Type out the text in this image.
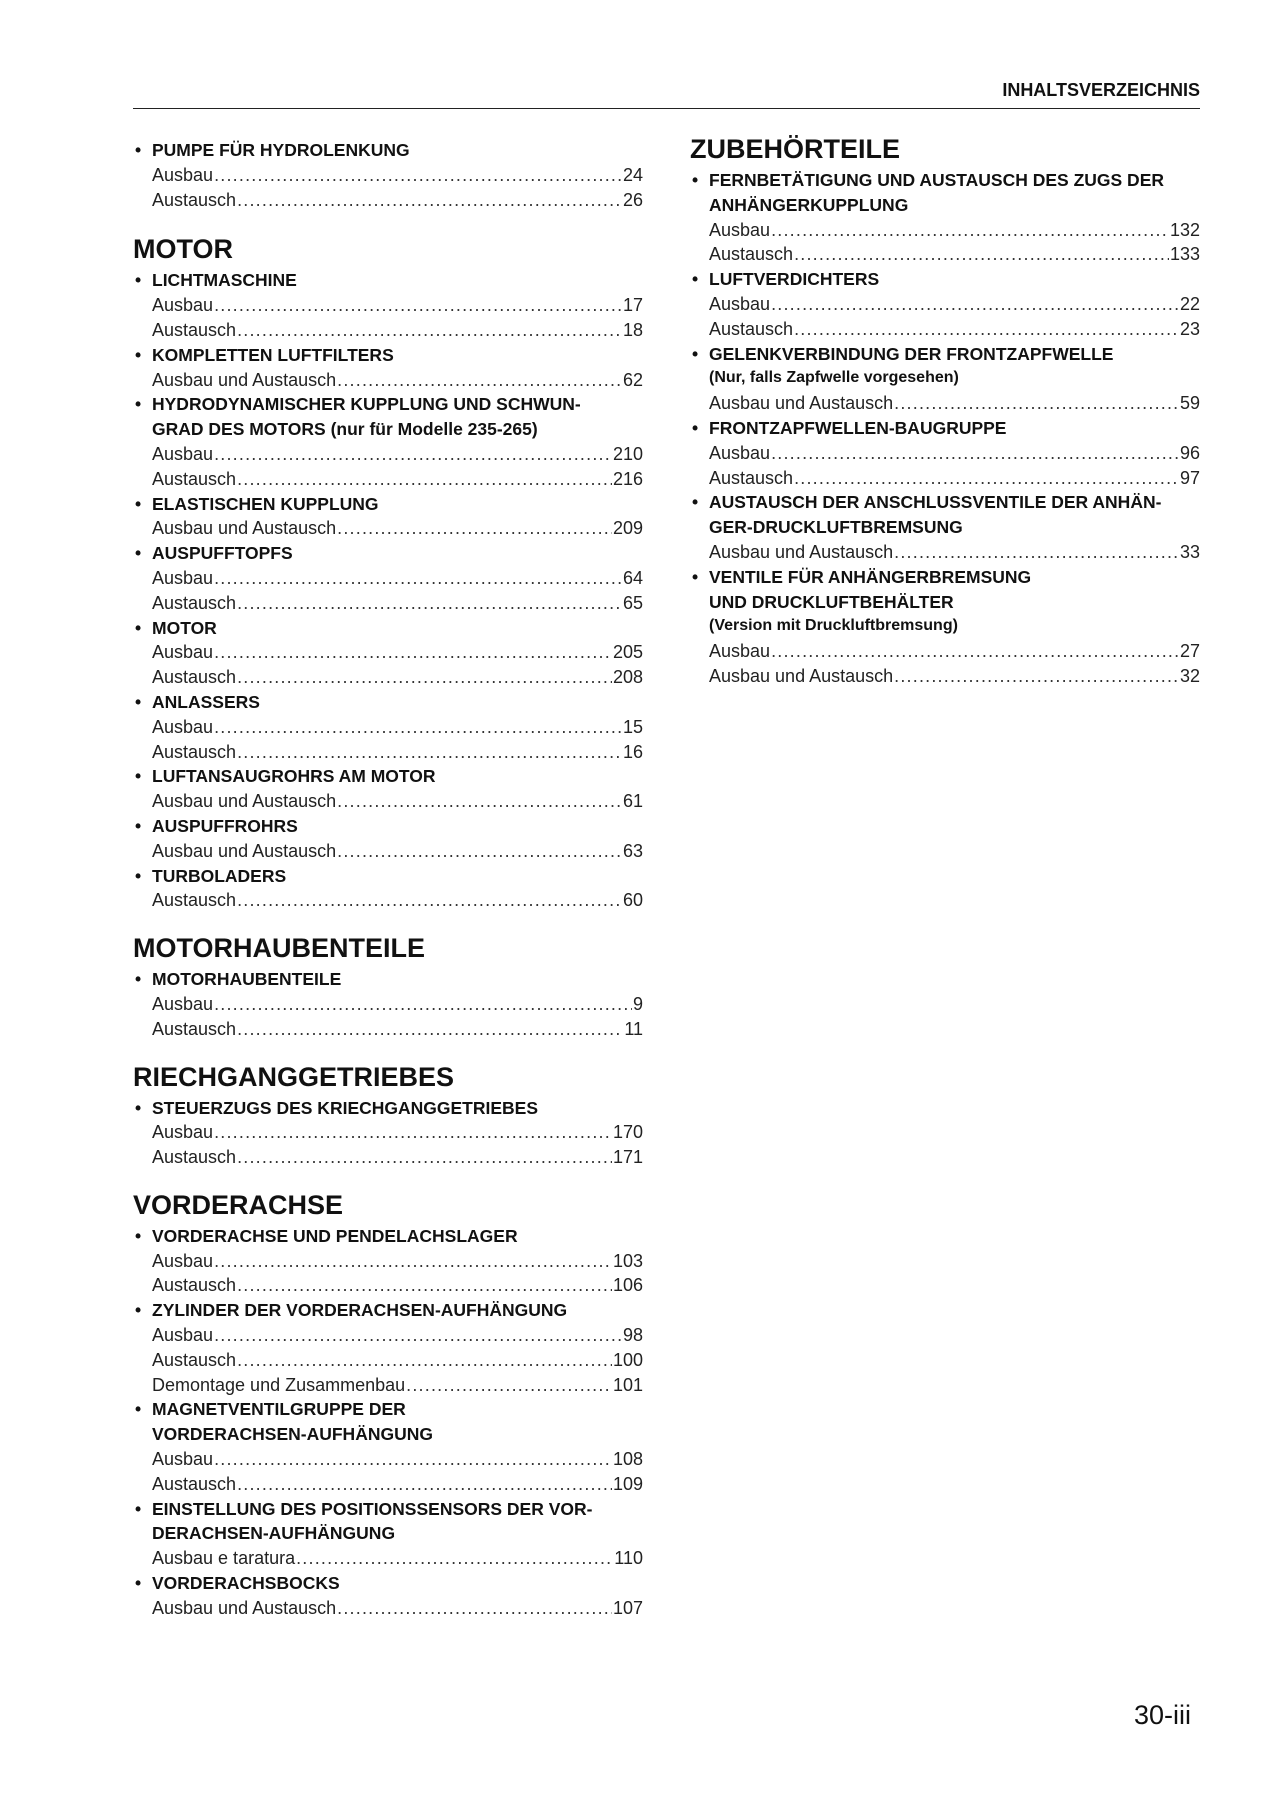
INHALTSVERZEICHNIS
• PUMPE FÜR HYDROLENKUNG
Ausbau .....	24
Austausch .....	26
MOTOR
• LICHTMASCHINE
Ausbau .....	17
Austausch .....	18
• KOMPLETTEN LUFTFILTERS
Ausbau und Austausch .....	62
• HYDRODYNAMISCHER KUPPLUNG UND SCHWUN-
GRAD DES MOTORS (nur für Modelle 235-265)
Ausbau .....	210
Austausch .....	216
• ELASTISCHEN KUPPLUNG
Ausbau und Austausch .....	209
• AUSPUFFTOPFS
Ausbau .....	64
Austausch .....	65
• MOTOR
Ausbau .....	205
Austausch .....	208
• ANLASSERS
Ausbau .....	15
Austausch .....	16
• LUFTANSAUGROHRS AM MOTOR
Ausbau und Austausch .....	61
• AUSPUFFROHRS
Ausbau und Austausch .....	63
• TURBOLADERS
Austausch .....	60
MOTORHAUBENTEILE
• MOTORHAUBENTEILE
Ausbau .....	9
Austausch .....	11
RIECHGANGGETRIEBES
• STEUERZUGS DES KRIECHGANGGETRIEBES
Ausbau .....	170
Austausch .....	171
VORDERACHSE
• VORDERACHSE UND PENDELACHSLAGER
Ausbau .....	103
Austausch .....	106
• ZYLINDER DER VORDERACHSEN-AUFHÄNGUNG
Ausbau .....	98
Austausch .....	100
Demontage und Zusammenbau .....	101
• MAGNETVENTILGRUPPE DER
VORDERACHSEN-AUFHÄNGUNG
Ausbau .....	108
Austausch .....	109
• EINSTELLUNG DES POSITIONSSENSORS DER VOR-
DERACHSEN-AUFHÄNGUNG
Ausbau e taratura .....	110
• VORDERACHSBOCKS
Ausbau und Austausch .....	107
ZUBEHÖRTEILE
• FERNBETÄTIGUNG UND AUSTAUSCH DES ZUGS DER
ANHÄNGERKUPPLUNG
Ausbau .....	132
Austausch .....	133
• LUFTVERDICHTERS
Ausbau .....	22
Austausch .....	23
• GELENKVERBINDUNG DER FRONTZAPFWELLE
(Nur, falls Zapfwelle vorgesehen)
Ausbau und Austausch .....	59
• FRONTZAPFWELLEN-BAUGRUPPE
Ausbau .....	96
Austausch .....	97
• AUSTAUSCH DER ANSCHLUSSVENTILE DER ANHÄN-
GER-DRUCKLUFTBREMSUNG
Ausbau und Austausch .....	33
• VENTILE FÜR ANHÄNGERBREMSUNG
UND DRUCKLUFTBEHÄLTER
(Version mit Druckluftbremsung)
Ausbau .....	27
Ausbau und Austausch .....	32
30-iii
